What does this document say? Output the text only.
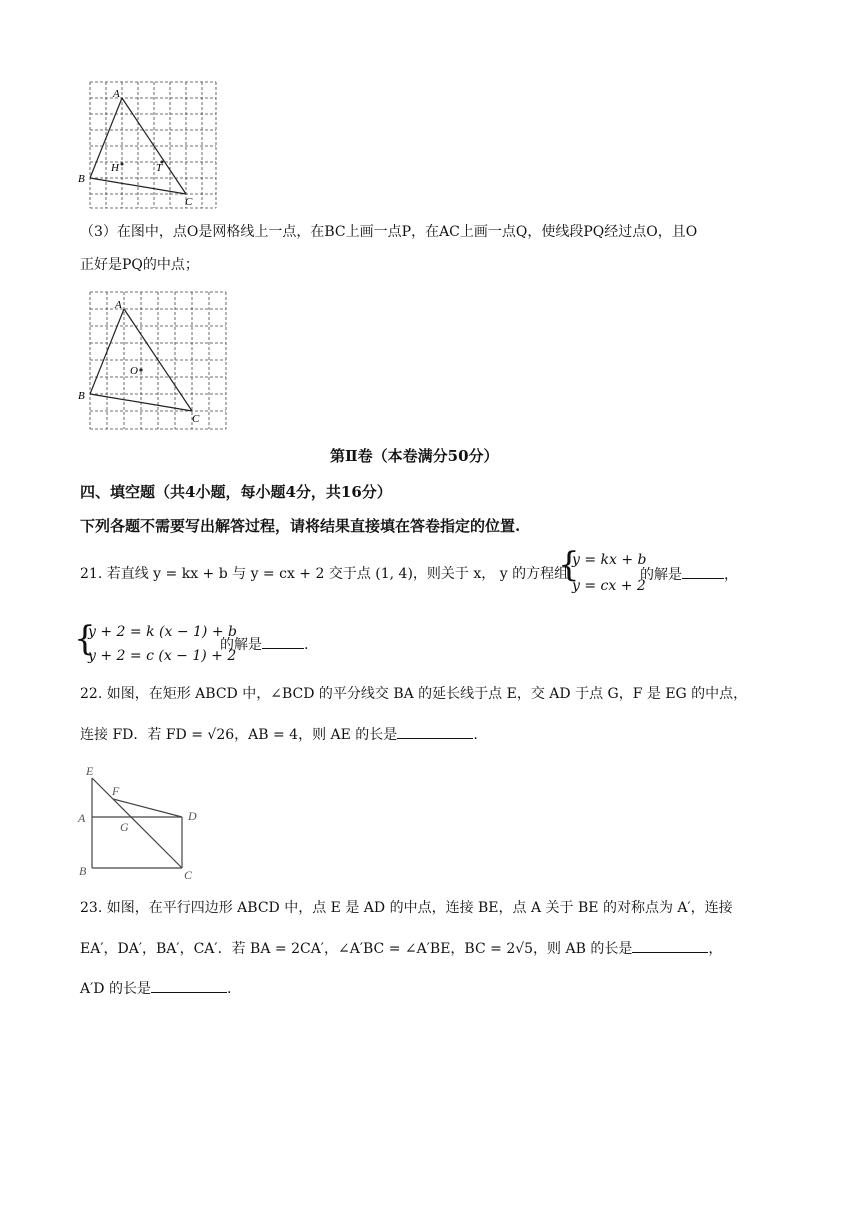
A
B
C
H	T
（3）在图中，点O是网格线上一点，在BC上画一点P，在AC上画一点Q，使线段PQ经过点O，且O
正好是PQ的中点；
A
B
C
O
第Ⅱ卷（本卷满分50分）
四、填空题（共4小题，每小题4分，共16分）
下列各题不需要写出解答过程，请将结果直接填在答卷指定的位置.
21. 若直线 y = kx + b 与 y = cx + 2 交于点 (1, 4)，则关于 x， y 的方程组
{
y = kx + b
y = cx + 2
的解是	，
{
y + 2 = k (x − 1) + b
y + 2 = c (x − 1) + 2
的解是	.
22. 如图，在矩形 ABCD 中，∠BCD 的平分线交 BA 的延长线于点 E，交 AD 于点 G，F 是 EG 的中点，
连接 FD．若 FD = √26，AB = 4，则 AE 的长是	.
E
F
A	D
G
B	C
23. 如图，在平行四边形 ABCD 中，点 E 是 AD 的中点，连接 BE，点 A 关于 BE 的对称点为 A′，连接
EA′，DA′，BA′，CA′．若 BA = 2CA′，∠A′BC = ∠A′BE，BC = 2√5，则 AB 的长是	，
A′D 的长是	.
